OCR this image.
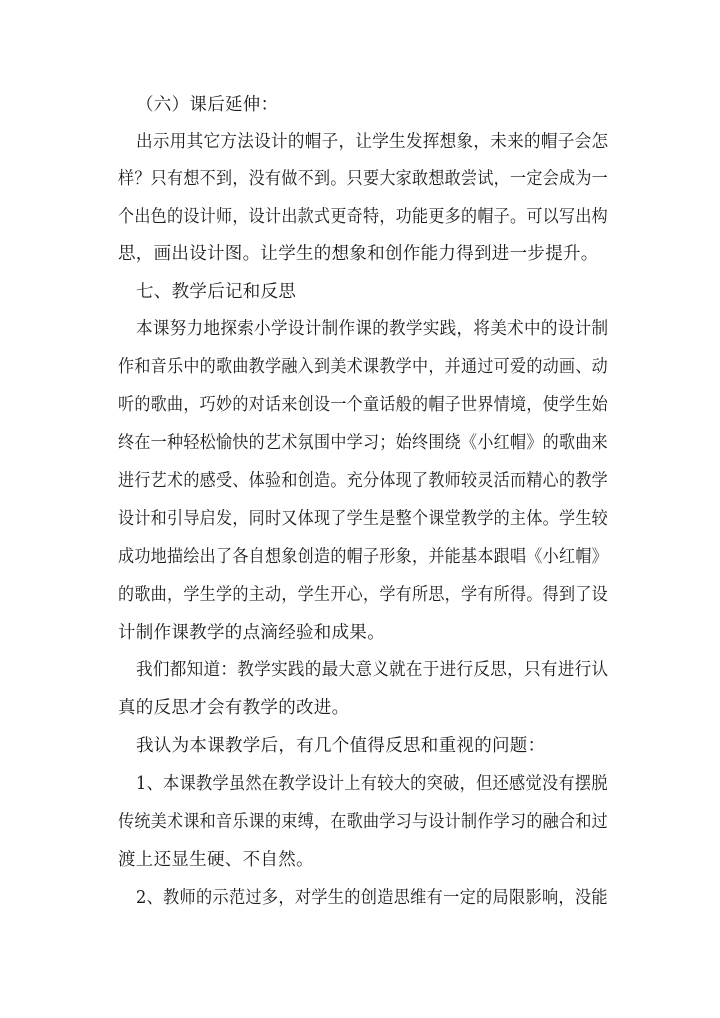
（六）课后延伸：
出示用其它方法设计的帽子，让学生发挥想象，未来的帽子会怎
样？只有想不到，没有做不到。只要大家敢想敢尝试，一定会成为一
个出色的设计师，设计出款式更奇特，功能更多的帽子。可以写出构
思，画出设计图。让学生的想象和创作能力得到进一步提升。
七、教学后记和反思
本课努力地探索小学设计制作课的教学实践，将美术中的设计制
作和音乐中的歌曲教学融入到美术课教学中，并通过可爱的动画、动
听的歌曲，巧妙的对话来创设一个童话般的帽子世界情境，使学生始
终在一种轻松愉快的艺术氛围中学习；始终围绕《小红帽》的歌曲来
进行艺术的感受、体验和创造。充分体现了教师较灵活而精心的教学
设计和引导启发，同时又体现了学生是整个课堂教学的主体。学生较
成功地描绘出了各自想象创造的帽子形象，并能基本跟唱《小红帽》
的歌曲，学生学的主动，学生开心，学有所思，学有所得。得到了设
计制作课教学的点滴经验和成果。
我们都知道：教学实践的最大意义就在于进行反思，只有进行认
真的反思才会有教学的改进。
我认为本课教学后，有几个值得反思和重视的问题：
1、本课教学虽然在教学设计上有较大的突破，但还感觉没有摆脱
传统美术课和音乐课的束缚，在歌曲学习与设计制作学习的融合和过
渡上还显生硬、不自然。
2、教师的示范过多，对学生的创造思维有一定的局限影响，没能
